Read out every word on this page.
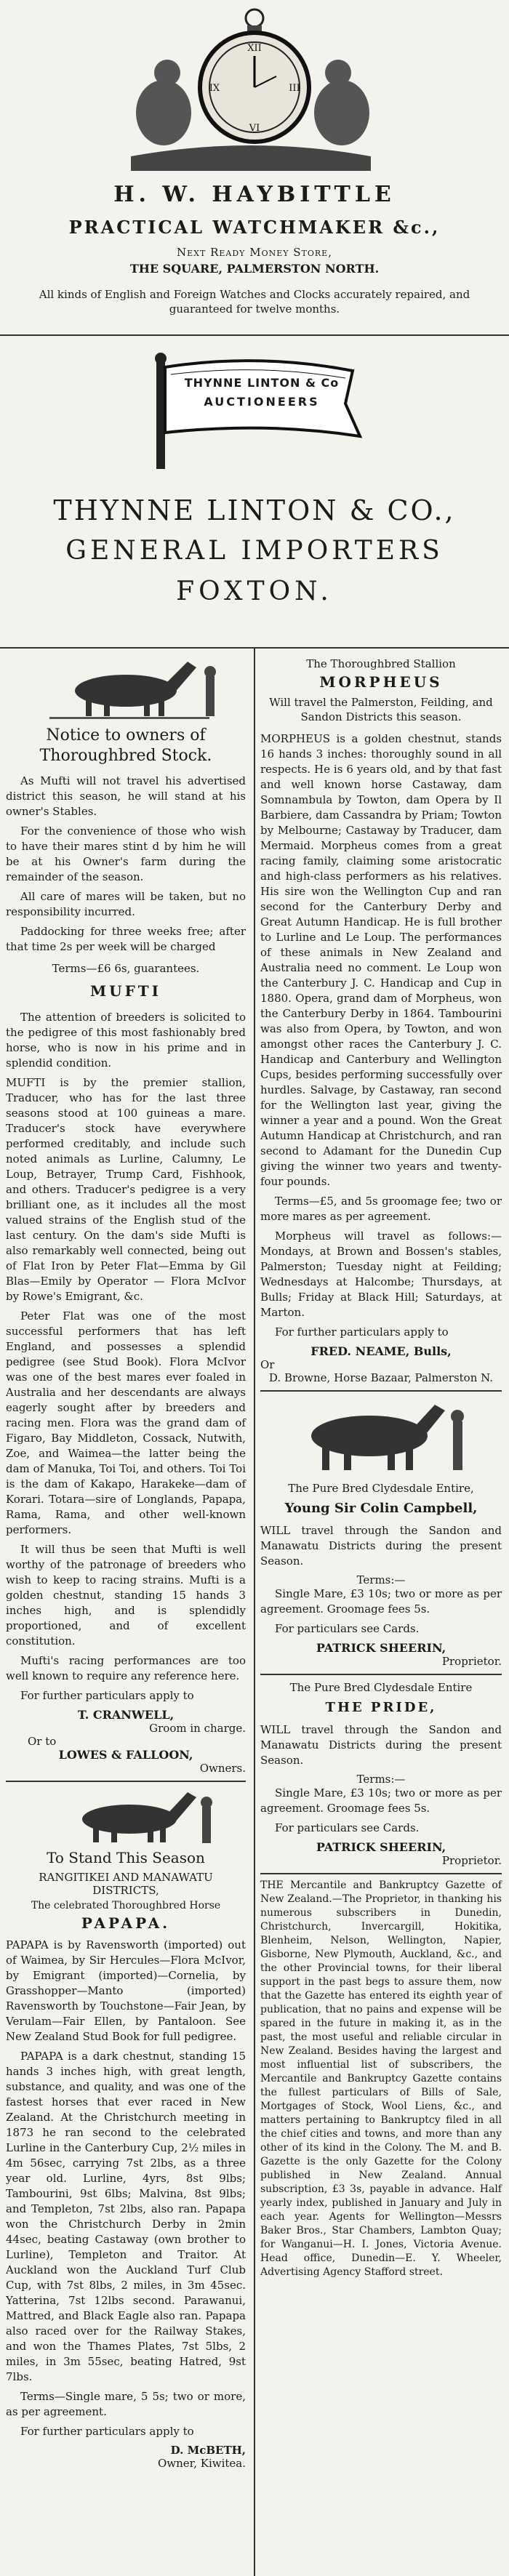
XII
III
VI
IX
H. W. HAYBITTLE
PRACTICAL WATCHMAKER &c.,
Next Ready Money Store,
THE SQUARE, PALMERSTON NORTH.
All kinds of English and Foreign Watches and Clocks accurately repaired, and guaranteed for twelve months.
THYNNE LINTON & Co
AUCTIONEERS
THYNNE LINTON & CO.,
GENERAL IMPORTERS
FOXTON.
Notice to owners of Thoroughbred Stock.

As Mufti will not travel his advertised district this season, he will stand at his owner's Stables.

For the convenience of those who wish to have their mares stint d by him he will be at his Owner's farm during the remainder of the season.

All care of mares will be taken, but no responsibility incurred.

Paddocking for three weeks free; after that time 2s per week will be charged

Terms—£6 6s, guarantees.
MUFTI

The attention of breeders is solicited to the pedigree of this most fashionably bred horse, who is now in his prime and in splendid condition.

MUFTI is by the premier stallion, Traducer, who has for the last three seasons stood at 100 guineas a mare. Traducer's stock have everywhere performed creditably, and include such noted animals as Lurline, Calumny, Le Loup, Betrayer, Trump Card, Fishhook, and others. Traducer's pedigree is a very brilliant one, as it includes all the most valued strains of the English stud of the last century. On the dam's side Mufti is also remarkably well connected, being out of Flat Iron by Peter Flat—Emma by Gil Blas—Emily by Operator — Flora McIvor by Rowe's Emigrant, &c.

Peter Flat was one of the most successful performers that has left England, and possesses a splendid pedigree (see Stud Book). Flora McIvor was one of the best mares ever foaled in Australia and her descendants are always eagerly sought after by breeders and racing men. Flora was the grand dam of Figaro, Bay Middleton, Cossack, Nutwith, Zoe, and Waimea—the latter being the dam of Manuka, Toi Toi, and others. Toi Toi is the dam of Kakapo, Harakeke—dam of Korari. Totara—sire of Longlands, Papapa, Rama, Rama, and other well-known performers.

It will thus be seen that Mufti is well worthy of the patronage of breeders who wish to keep to racing strains. Mufti is a golden chestnut, standing 15 hands 3 inches high, and is splendidly proportioned, and of excellent constitution.

Mufti's racing performances are too well known to require any reference here.

For further particulars apply to

T. CRANWELL,
Groom in charge.
Or to
LOWES & FALLOON,
Owners.
To Stand This Season
RANGITIKEI AND MANAWATU DISTRICTS,
The celebrated Thoroughbred Horse
PAPAPA.

PAPAPA is by Ravensworth (imported) out of Waimea, by Sir Hercules—Flora McIvor, by Emigrant (imported)—Cornelia, by Grasshopper—Manto (imported) Ravensworth by Touchstone—Fair Jean, by Verulam—Fair Ellen, by Pantaloon. See New Zealand Stud Book for full pedigree.

PAPAPA is a dark chestnut, standing 15 hands 3 inches high, with great length, substance, and quality, and was one of the fastest horses that ever raced in New Zealand. At the Christchurch meeting in 1873 he ran second to the celebrated Lurline in the Canterbury Cup, 2½ miles in 4m 56sec, carrying 7st 2lbs, as a three year old. Lurline, 4yrs, 8st 9lbs; Tambourini, 9st 6lbs; Malvina, 8st 9lbs; and Templeton, 7st 2lbs, also ran. Papapa won the Christchurch Derby in 2min 44sec, beating Castaway (own brother to Lurline), Templeton and Traitor. At Auckland won the Auckland Turf Club Cup, with 7st 8lbs, 2 miles, in 3m 45sec. Yatterina, 7st 12lbs second. Parawanui, Mattred, and Black Eagle also ran. Papapa also raced over for the Railway Stakes, and won the Thames Plates, 7st 5lbs, 2 miles, in 3m 55sec, beating Hatred, 9st 7lbs.

Terms—Single mare, 5 5s; two or more, as per agreement.

For further particulars apply to

D. McBETH,
Owner, Kiwitea.
The Thoroughbred Stallion
MORPHEUS
Will travel the Palmerston, Feilding, and Sandon Districts this season.

MORPHEUS is a golden chestnut, stands 16 hands 3 inches: thoroughly sound in all respects. He is 6 years old, and by that fast and well known horse Castaway, dam Somnambula by Towton, dam Opera by Il Barbiere, dam Cassandra by Priam; Towton by Melbourne; Castaway by Traducer, dam Mermaid. Morpheus comes from a great racing family, claiming some aristocratic and high-class performers as his relatives. His sire won the Wellington Cup and ran second for the Canterbury Derby and Great Autumn Handicap. He is full brother to Lurline and Le Loup. The performances of these animals in New Zealand and Australia need no comment. Le Loup won the Canterbury J. C. Handicap and Cup in 1880. Opera, grand dam of Morpheus, won the Canterbury Derby in 1864. Tambourini was also from Opera, by Towton, and won amongst other races the Canterbury J. C. Handicap and Canterbury and Wellington Cups, besides performing successfully over hurdles. Salvage, by Castaway, ran second for the Wellington last year, giving the winner a year and a pound. Won the Great Autumn Handicap at Christchurch, and ran second to Adamant for the Dunedin Cup giving the winner two years and twenty-four pounds.

Terms—£5, and 5s groomage fee; two or more mares as per agreement.

Morpheus will travel as follows:—Mondays, at Brown and Bossen's stables, Palmerston; Tuesday night at Feilding; Wednesdays at Halcombe; Thursdays, at Bulls; Friday at Black Hill; Saturdays, at Marton.

For further particulars apply to

FRED. NEAME, Bulls,
Or
D. Browne, Horse Bazaar, Palmerston N.
The Pure Bred Clydesdale Entire,
Young Sir Colin Campbell,

WILL travel through the Sandon and Manawatu Districts during the present Season.

Terms:—

Single Mare, £3 10s; two or more as per agreement. Groomage fees 5s.

For particulars see Cards.

PATRICK SHEERIN,
Proprietor.
The Pure Bred Clydesdale Entire
THE PRIDE,

WILL travel through the Sandon and Manawatu Districts during the present Season.

Terms:—

Single Mare, £3 10s; two or more as per agreement. Groomage fees 5s.

For particulars see Cards.

PATRICK SHEERIN,
Proprietor.

THE Mercantile and Bankruptcy Gazette of New Zealand.—The Proprietor, in thanking his numerous subscribers in Dunedin, Christchurch, Invercargill, Hokitika, Blenheim, Nelson, Wellington, Napier, Gisborne, New Plymouth, Auckland, &c., and the other Provincial towns, for their liberal support in the past begs to assure them, now that the Gazette has entered its eighth year of publication, that no pains and expense will be spared in the future in making it, as in the past, the most useful and reliable circular in New Zealand. Besides having the largest and most influential list of subscribers, the Mercantile and Bankruptcy Gazette contains the fullest particulars of Bills of Sale, Mortgages of Stock, Wool Liens, &c., and matters pertaining to Bankruptcy filed in all the chief cities and towns, and more than any other of its kind in the Colony. The M. and B. Gazette is the only Gazette for the Colony published in New Zealand. Annual subscription, £3 3s, payable in advance. Half yearly index, published in January and July in each year. Agents for Wellington—Messrs Baker Bros., Star Chambers, Lambton Quay; for Wanganui—H. I. Jones, Victoria Avenue. Head office, Dunedin—E. Y. Wheeler, Advertising Agency Stafford street.
